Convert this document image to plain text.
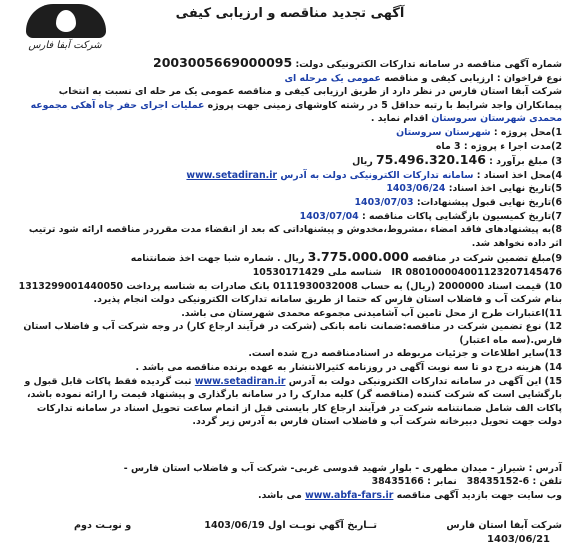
شرکت آبفا فارس
آگهی تجدید مناقصه و ارزیابی کیفی

شماره آگهی مناقصه در سامانه تدارکات الکترونیکی دولت: 2003005669000095

نوع فراخوان : ارزیابی کیفی و مناقصه عمومی یک مرحله ای

شرکت آبفا استان فارس در نظر دارد از طریق ارزیابی کیفی و مناقصه عمومی یک مر حله ای نسبت به انتخاب پیمانکاران واجد شرایط با رتبه حداقل 5 در رشته کاوشهای زمینی جهت پروژه عملیات اجرای حفر چاه آهکی مجموعه محمدی شهرستان سروستان اقدام نماید .

1)محل پروژه : شهرستان سروستان

2)مدت اجرا ء پروژه : 3 ماه

3) مبلغ برآورد : 75.496.320.146 ریال

4)محل اخذ اسناد : سامانه تدارکات الکترونیکی دولت به آدرس www.setadiran.ir

5)تاریخ نهایی اخذ اسناد: 1403/06/24

6)تاریخ نهایی قبول پیشنهادات: 1403/07/03

7)تاریخ کمیسیون بازگشایی پاکات مناقصه : 1403/07/04

8)به پیشنهادهای فاقد امضاء ،مشروط،مخدوش و پیشنهاداتی که بعد از انقضاء مدت مقرردر مناقصه ارائه شود ترتیب اثر داده نخواهد شد.

9)مبلغ تضمین شرکت در مناقصه 3.775.000.000 ریال . شماره شبا جهت اخذ ضمانتنامه

IR 080100004001123207145476   شناسه ملی 10530171429

10) قیمت اسناد 2000000 (ریال) به حساب 0111930032008 بانک صادرات به شناسه پرداخت 1313299001440050 بنام شرکت آب و فاضلاب استان فارس که حتما از طریق سامانه تدارکات الکترونیکی دولت انجام پذیرد.

11)اعتبارات طرح از محل تامین آب آشامیدنی مجموعه محمدی شهرستان می باشد.

12) نوع تضمین شرکت در مناقصه:ضمانت نامه بانکی (شرکت در فرآیند ارجاع کار) در وجه شرکت آب و فاضلاب استان فارس.(سه ماه اعتبار)

13)سایر اطلاعات و جزئیات مربوطه در اسنادمناقصه درج شده است.

14) هزینه درج دو تا سه نوبت آگهی در روزنامه کثیرالانتشار به عهده برنده مناقصه می باشد .

15) این آگهی در سامانه تدارکات الکترونیکی دولت به آدرس www.setadiran.ir ثبت گردیده فقط پاکات قابل قبول و بارگشایی است که شرکت کننده (مناقصه گر) کلیه مدارک را در سامانه بارگذاری و پیشنهاد قیمت را ارائه نموده باشد، پاکات الف شامل ضمانتنامه شرکت در فرآیند ارجاع کار بایستی قبل از اتمام ساعت تحویل اسناد در سامانه تدارکات دولت جهت تحویل دبیرخانه شرکت آب و فاضلاب استان فارس به آدرس زیر گردد.

آدرس : شیراز - میدان مطهری - بلوار شهید قدوسی غربی- شرکت آب و فاضلاب استان فارس -

تلفن : 38435152-6   نمابر : 38435166

وب سایت جهت بازدید آگهی مناقصه www.abfa-fars.ir می باشد.

شرکت آبفا استان فارس
تــاریخ آگهي نوبـت اول 1403/06/19
و نوبـت دوم
1403/06/21
